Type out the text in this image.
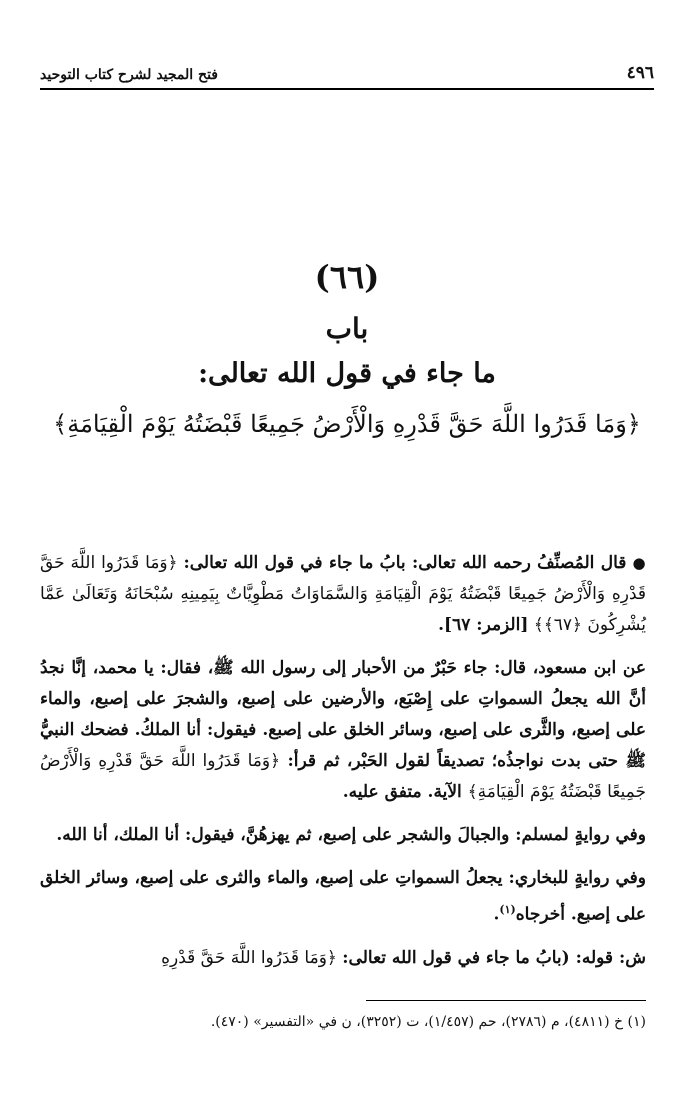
٤٩٦
فتح المجيد لشرح كتاب التوحيد
(٦٦)
باب
ما جاء في قول الله تعالى:
﴿وَمَا قَدَرُوا اللَّهَ حَقَّ قَدْرِهِ وَالْأَرْضُ جَمِيعًا قَبْضَتُهُ يَوْمَ الْقِيَامَةِ﴾

●قال المُصنِّفُ رحمه الله تعالى: بابُ ما جاء في قول الله تعالى: ﴿وَمَا قَدَرُوا اللَّهَ حَقَّ قَدْرِهِ وَالْأَرْضُ جَمِيعًا قَبْضَتُهُ يَوْمَ الْقِيَامَةِ وَالسَّمَاوَاتُ مَطْوِيَّاتٌ بِيَمِينِهِ سُبْحَانَهُ وَتَعَالَىٰ عَمَّا يُشْرِكُونَ ﴿٦٧﴾﴾ [الزمر: ٦٧].

عن ابن مسعود، قال: جاء حَبْرٌ من الأحبار إلى رسول الله ﷺ، فقال: يا محمد، إنَّا نجدُ أنَّ الله يجعلُ السمواتِ على إِصْبَع، والأرضين على إصبع، والشجرَ على إصبع، والماء على إصبع، والثَّرى على إصبع، وسائر الخلق على إصبع. فيقول: أنا الملكُ. فضحك النبيُّ ﷺ حتى بدت نواجذُه؛ تصديقاً لقول الحَبْر، ثم قرأ: ﴿وَمَا قَدَرُوا اللَّهَ حَقَّ قَدْرِهِ وَالْأَرْضُ جَمِيعًا قَبْضَتُهُ يَوْمَ الْقِيَامَةِ﴾ الآية. متفق عليه.

وفي روايةٍ لمسلم: والجبالَ والشجر على إصبع، ثم يهزهُنَّ، فيقول: أنا الملك، أنا الله.

وفي روايةٍ للبخاري: يجعلُ السمواتِ على إصبع، والماء والثرى على إصبع، وسائر الخلق على إصبع. أخرجاه$^{(١)}$.

ش: قوله: (بابُ ما جاء في قول الله تعالى: ﴿وَمَا قَدَرُوا اللَّهَ حَقَّ قَدْرِهِ

(١) خ (٤٨١١)، م (٢٧٨٦)، حم (١/٤٥٧)، ت (٣٢٥٢)، ن في «التفسير» (٤٧٠).
